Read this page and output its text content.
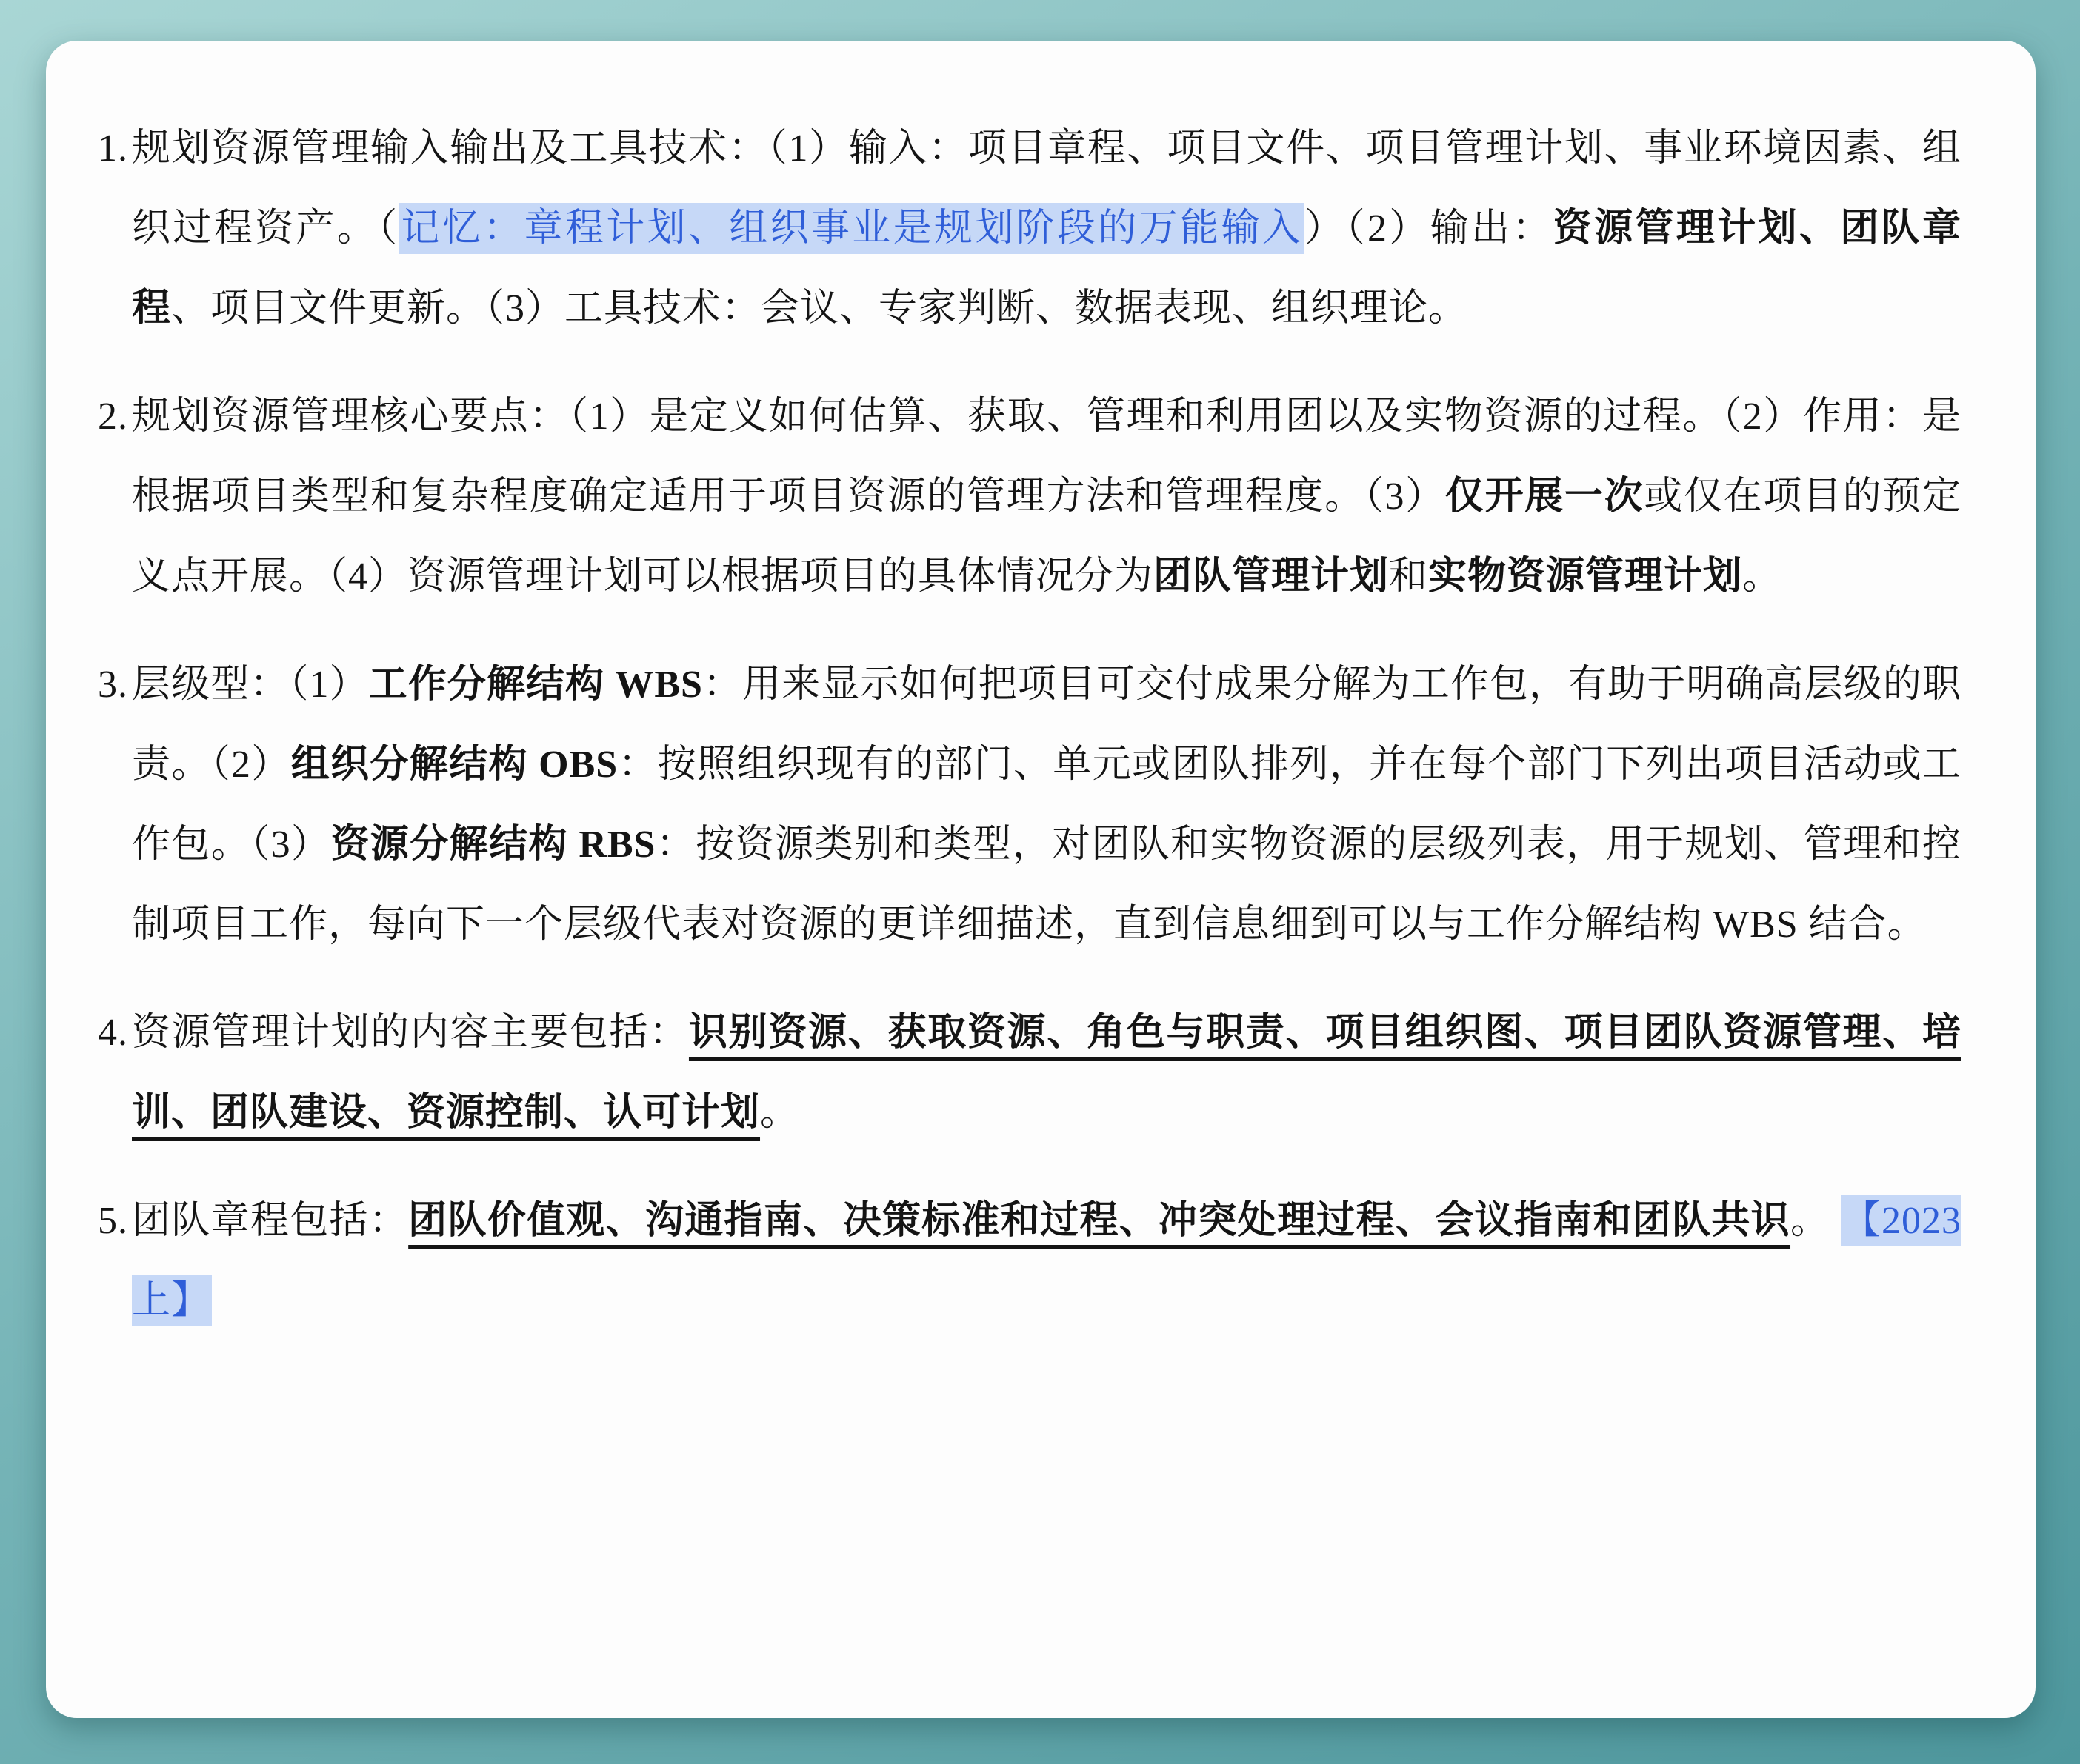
1. 规划资源管理输入输出及工具技术：（1）输入：项目章程、项目文件、项目管理计划、事业环境因素、组织过程资产。（记忆：章程计划、组织事业是规划阶段的万能输入）（2）输出：资源管理计划、团队章程、项目文件更新。（3）工具技术：会议、专家判断、数据表现、组织理论。
2. 规划资源管理核心要点：（1）是定义如何估算、获取、管理和利用团以及实物资源的过程。（2）作用：是根据项目类型和复杂程度确定适用于项目资源的管理方法和管理程度。（3）仅开展一次或仅在项目的预定义点开展。（4）资源管理计划可以根据项目的具体情况分为团队管理计划和实物资源管理计划。
3. 层级型：（1）工作分解结构 WBS：用来显示如何把项目可交付成果分解为工作包，有助于明确高层级的职责。（2）组织分解结构 OBS：按照组织现有的部门、单元或团队排列，并在每个部门下列出项目活动或工作包。（3）资源分解结构 RBS：按资源类别和类型，对团队和实物资源的层级列表，用于规划、管理和控制项目工作，每向下一个层级代表对资源的更详细描述，直到信息细到可以与工作分解结构 WBS 结合。
4. 资源管理计划的内容主要包括：识别资源、获取资源、角色与职责、项目组织图、项目团队资源管理、培训、团队建设、资源控制、认可计划。
5. 团队章程包括：团队价值观、沟通指南、决策标准和过程、冲突处理过程、会议指南和团队共识。 【2023 上】
